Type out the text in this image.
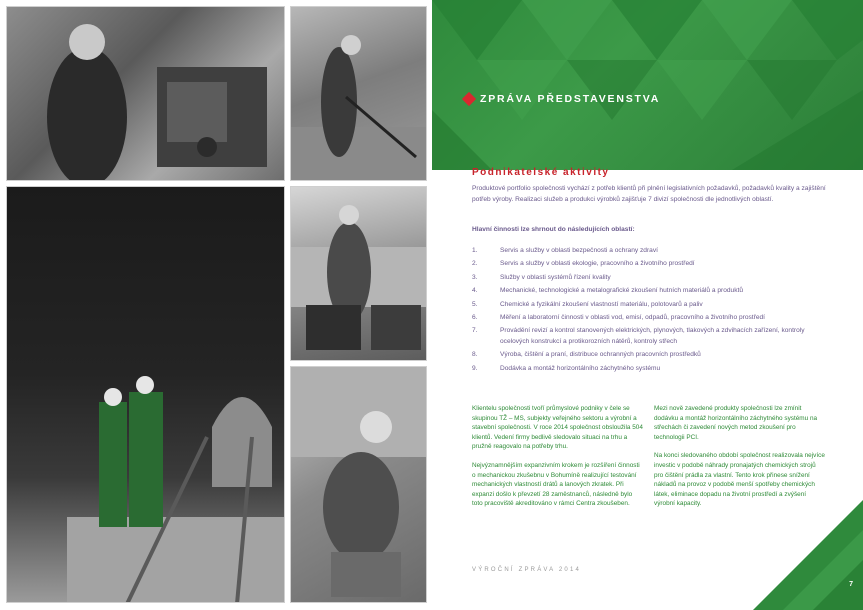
ZPRÁVA PŘEDSTAVENSTVA
Podnikatelské aktivity
Produktové portfolio společnosti vychází z potřeb klientů při plnění legislativních požadavků, požadavků kvality a zajištění potřeb výroby. Realizaci služeb a produkci výrobků zajišťuje 7 divizí společnosti dle jednotlivých oblastí.
Hlavní činnosti lze shrnout do následujících oblastí:
1.	Servis a služby v oblasti bezpečnosti a ochrany zdraví
2.	Servis a služby v oblasti ekologie, pracovního a životního prostředí
3.	Služby v oblasti systémů řízení kvality
4.	Mechanické, technologické a metalografické zkoušení hutních materiálů a produktů
5.	Chemické a fyzikální zkoušení vlastností materiálu, polotovarů a paliv
6.	Měření a laboratorní činnosti v oblasti vod, emisí, odpadů, pracovního a životního prostředí
7.	Provádění revizí a kontrol stanovených elektrických, plynových, tlakových a zdvihacích zařízení, kontroly ocelových konstrukcí a protikorozních nátěrů, kontroly střech
8.	Výroba, čištění a praní, distribuce ochranných pracovních prostředků
9.	Dodávka a montáž horizontálního záchytného systému

Klientelu společnosti tvoří průmyslové podniky v čele se skupinou TŽ – MS, subjekty veřejného sektoru a výrobní a stavební společnosti. V roce 2014 společnost obsloužila 504 klientů. Vedení firmy bedlivě sledovalo situaci na trhu a pružně reagovalo na potřeby trhu.

Nejvýznamnějším expanzivním krokem je rozšíření činnosti o mechanickou zkušebnu v Bohumíně realizující testování mechanických vlastností drátů a lanových zkratek. Při expanzi došlo k převzetí 28 zaměstnanců, následně bylo toto pracoviště akreditováno v rámci Centra zkoušeben.

Mezi nově zavedené produkty společnosti lze zmínit dodávku a montáž horizontálního záchytného systému na střechách či zavedení nových metod zkoušení pro technologii PCI.

Na konci sledovaného období společnost realizovala nejvíce investic v podobě náhrady pronajatých chemických strojů pro čištění prádla za vlastní. Tento krok přinese snížení nákladů na provoz v podobě menší spotřeby chemických látek, eliminace dopadu na životní prostředí a zvýšení výrobní kapacity.

VÝROČNÍ ZPRÁVA 2014
7
